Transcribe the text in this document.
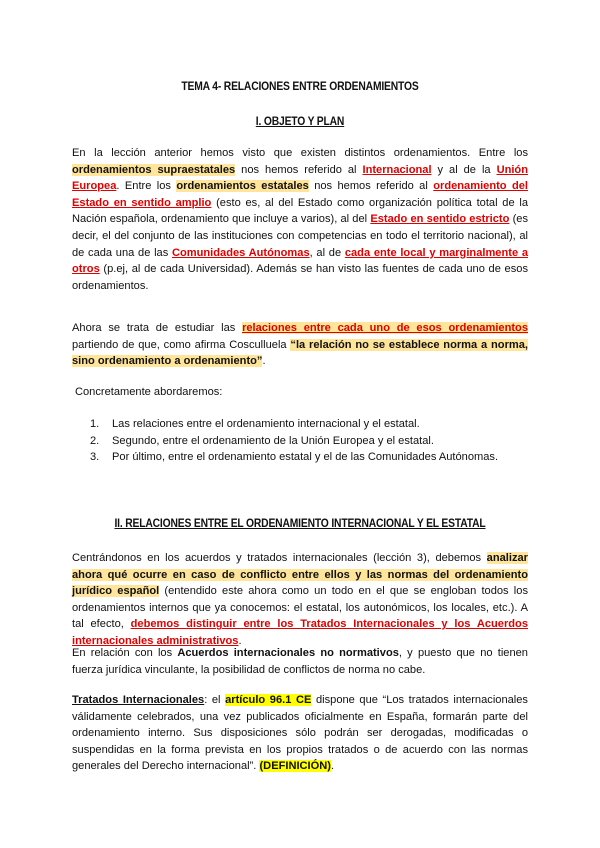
TEMA 4- RELACIONES ENTRE ORDENAMIENTOS
I. OBJETO Y PLAN

En la lección anterior hemos visto que existen distintos ordenamientos. Entre los ordenamientos supraestatales nos hemos referido al Internacional y al de la Unión Europea. Entre los ordenamientos estatales nos hemos referido al ordenamiento del Estado en sentido amplio (esto es, al del Estado como organización política total de la Nación española, ordenamiento que incluye a varios), al del Estado en sentido estricto (es decir, el del conjunto de las instituciones con competencias en todo el territorio nacional), al de cada una de las Comunidades Autónomas, al de cada ente local y marginalmente a otros (p.ej, al de cada Universidad). Además se han visto las fuentes de cada uno de esos ordenamientos.

Ahora se trata de estudiar las relaciones entre cada uno de esos ordenamientos partiendo de que, como afirma Cosculluela “la relación no se establece norma a norma, sino ordenamiento a ordenamiento”.

Concretamente abordaremos:

1.	Las relaciones entre el ordenamiento internacional y el estatal.
2.	Segundo, entre el ordenamiento de la Unión Europea y el estatal.
3.	Por último, entre el ordenamiento estatal y el de las Comunidades Autónomas.
II. RELACIONES ENTRE EL ORDENAMIENTO INTERNACIONAL Y EL ESTATAL

Centrándonos en los acuerdos y tratados internacionales (lección 3), debemos analizar ahora qué ocurre en caso de conflicto entre ellos y las normas del ordenamiento jurídico español (entendido este ahora como un todo en el que se engloban todos los ordenamientos internos que ya conocemos: el estatal, los autonómicos, los locales, etc.). A tal efecto, debemos distinguir entre los Tratados Internacionales y los Acuerdos internacionales administrativos.

En relación con los Acuerdos internacionales no normativos, y puesto que no tienen fuerza jurídica vinculante, la posibilidad de conflictos de norma no cabe.

Tratados Internacionales: el artículo 96.1 CE dispone que “Los tratados internacionales válidamente celebrados, una vez publicados oficialmente en España, formarán parte del ordenamiento interno. Sus disposiciones sólo podrán ser derogadas, modificadas o suspendidas en la forma prevista en los propios tratados o de acuerdo con las normas generales del Derecho internacional”. (DEFINICIÓN).
